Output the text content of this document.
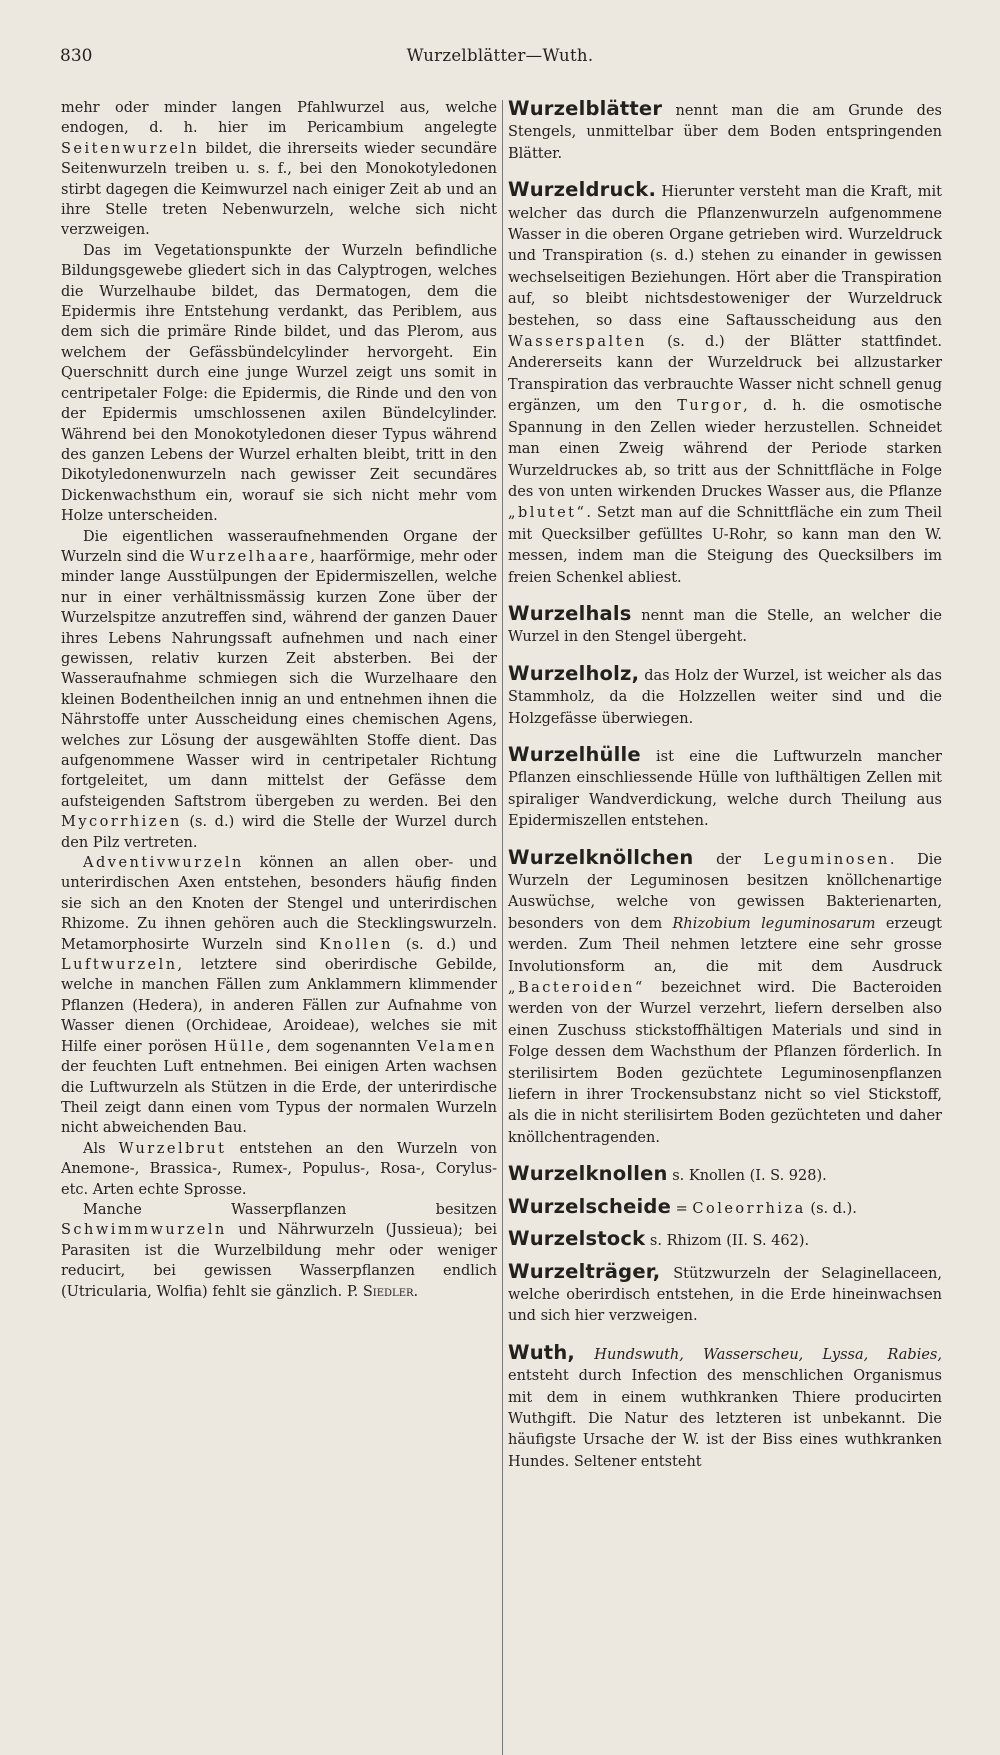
830	Wurzelblätter—Wuth.

mehr oder minder langen Pfahlwurzel aus, welche endogen, d. h. hier im Pericambium angelegte Seitenwurzeln bildet, die ihrerseits wieder secundäre Seitenwurzeln treiben u. s. f., bei den Monokotyledonen stirbt dagegen die Keimwurzel nach einiger Zeit ab und an ihre Stelle treten Nebenwurzeln, welche sich nicht verzweigen.

Das im Vegetationspunkte der Wurzeln befindliche Bildungsgewebe gliedert sich in das Calyptrogen, welches die Wurzelhaube bildet, das Dermatogen, dem die Epidermis ihre Entstehung verdankt, das Periblem, aus dem sich die primäre Rinde bildet, und das Plerom, aus welchem der Gefässbündelcylinder hervorgeht. Ein Querschnitt durch eine junge Wurzel zeigt uns somit in centripetaler Folge: die Epidermis, die Rinde und den von der Epidermis umschlossenen axilen Bündelcylinder. Während bei den Monokotyledonen dieser Typus während des ganzen Lebens der Wurzel erhalten bleibt, tritt in den Dikotyledonenwurzeln nach gewisser Zeit secundäres Dickenwachsthum ein, worauf sie sich nicht mehr vom Holze unterscheiden.

Die eigentlichen wasseraufnehmenden Organe der Wurzeln sind die Wurzelhaare, haarförmige, mehr oder minder lange Ausstülpungen der Epidermiszellen, welche nur in einer verhältnissmässig kurzen Zone über der Wurzelspitze anzutreffen sind, während der ganzen Dauer ihres Lebens Nahrungssaft aufnehmen und nach einer gewissen, relativ kurzen Zeit absterben. Bei der Wasseraufnahme schmiegen sich die Wurzelhaare den kleinen Bodentheilchen innig an und entnehmen ihnen die Nährstoffe unter Ausscheidung eines chemischen Agens, welches zur Lösung der ausgewählten Stoffe dient. Das aufgenommene Wasser wird in centripetaler Richtung fortgeleitet, um dann mittelst der Gefässe dem aufsteigenden Saftstrom übergeben zu werden. Bei den Mycorrhizen (s. d.) wird die Stelle der Wurzel durch den Pilz vertreten.

Adventivwurzeln können an allen ober- und unterirdischen Axen entstehen, besonders häufig finden sie sich an den Knoten der Stengel und unterirdischen Rhizome. Zu ihnen gehören auch die Stecklingswurzeln. Metamorphosirte Wurzeln sind Knollen (s. d.) und Luftwurzeln, letztere sind oberirdische Gebilde, welche in manchen Fällen zum Anklammern klimmender Pflanzen (Hedera), in anderen Fällen zur Aufnahme von Wasser dienen (Orchideae, Aroideae), welches sie mit Hilfe einer porösen Hülle, dem sogenannten Velamen der feuchten Luft entnehmen. Bei einigen Arten wachsen die Luftwurzeln als Stützen in die Erde, der unterirdische Theil zeigt dann einen vom Typus der normalen Wurzeln nicht abweichenden Bau.

Als Wurzelbrut entstehen an den Wurzeln von Anemone-, Brassica-, Rumex-, Populus-, Rosa-, Corylus- etc. Arten echte Sprosse.

Manche Wasserpflanzen besitzen Schwimmwurzeln und Nährwurzeln (Jussieua); bei Parasiten ist die Wurzelbildung mehr oder weniger reducirt, bei gewissen Wasserpflanzen endlich (Utricularia, Wolfia) fehlt sie gänzlich. P. Siedler.

Wurzelblätter nennt man die am Grunde des Stengels, unmittelbar über dem Boden entspringenden Blätter.

Wurzeldruck. Hierunter versteht man die Kraft, mit welcher das durch die Pflanzenwurzeln aufgenommene Wasser in die oberen Organe getrieben wird. Wurzeldruck und Transpiration (s. d.) stehen zu einander in gewissen wechselseitigen Beziehungen. Hört aber die Transpiration auf, so bleibt nichtsdestoweniger der Wurzeldruck bestehen, so dass eine Saftausscheidung aus den Wasserspalten (s. d.) der Blätter stattfindet. Andererseits kann der Wurzeldruck bei allzustarker Transpiration das verbrauchte Wasser nicht schnell genug ergänzen, um den Turgor, d. h. die osmotische Spannung in den Zellen wieder herzustellen. Schneidet man einen Zweig während der Periode starken Wurzeldruckes ab, so tritt aus der Schnittfläche in Folge des von unten wirkenden Druckes Wasser aus, die Pflanze „blutet“. Setzt man auf die Schnittfläche ein zum Theil mit Quecksilber gefülltes U-Rohr, so kann man den W. messen, indem man die Steigung des Quecksilbers im freien Schenkel abliest.

Wurzelhals nennt man die Stelle, an welcher die Wurzel in den Stengel übergeht.

Wurzelholz, das Holz der Wurzel, ist weicher als das Stammholz, da die Holzzellen weiter sind und die Holzgefässe überwiegen.

Wurzelhülle ist eine die Luftwurzeln mancher Pflanzen einschliessende Hülle von lufthältigen Zellen mit spiraliger Wandverdickung, welche durch Theilung aus Epidermiszellen entstehen.

Wurzelknöllchen der Leguminosen. Die Wurzeln der Leguminosen besitzen knöllchenartige Auswüchse, welche von gewissen Bakterienarten, besonders von dem Rhizobium leguminosarum erzeugt werden. Zum Theil nehmen letztere eine sehr grosse Involutionsform an, die mit dem Ausdruck „Bacteroiden“ bezeichnet wird. Die Bacteroiden werden von der Wurzel verzehrt, liefern derselben also einen Zuschuss stickstoffhältigen Materials und sind in Folge dessen dem Wachsthum der Pflanzen förderlich. In sterilisirtem Boden gezüchtete Leguminosenpflanzen liefern in ihrer Trockensubstanz nicht so viel Stickstoff, als die in nicht sterilisirtem Boden gezüchteten und daher knöllchentragenden.

Wurzelknollen s. Knollen (I. S. 928).

Wurzelscheide = Coleorrhiza (s. d.).

Wurzelstock s. Rhizom (II. S. 462).

Wurzelträger, Stützwurzeln der Selaginellaceen, welche oberirdisch entstehen, in die Erde hineinwachsen und sich hier verzweigen.

Wuth, Hundswuth, Wasserscheu, Lyssa, Rabies, entsteht durch Infection des menschlichen Organismus mit dem in einem wuthkranken Thiere producirten Wuthgift. Die Natur des letzteren ist unbekannt. Die häufigste Ursache der W. ist der Biss eines wuthkranken Hundes. Seltener entsteht
